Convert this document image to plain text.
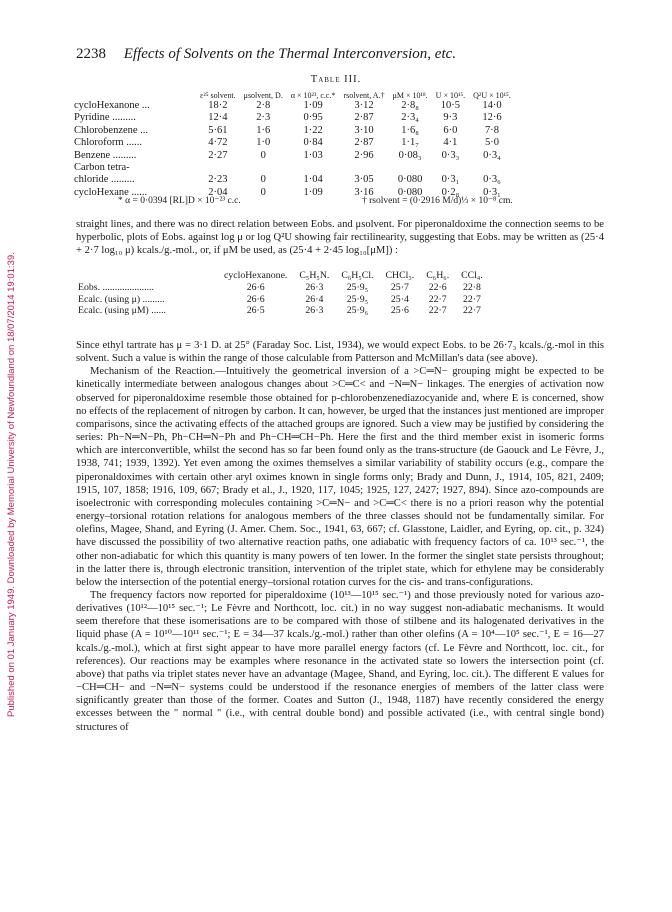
Published on 01 January 1949. Downloaded by Memorial University of Newfoundland on 18/07/2014 19:01:39.
2238 Effects of Solvents on the Thermal Interconversion, etc.
Table III.
	ε²⁵ solvent.	μsolvent, D.	α × 10²³, c.c.*	rsolvent, A.†	μM × 10¹⁸.	U × 10¹⁵.	Q²U × 10¹⁵.
cycloHexanone ...	18·2	2·8	1·09	3·12	2·8₈	10·5	14·0
Pyridine .........	12·4	2·3	0·95	2·87	2·3₄	9·3	12·6
Chlorobenzene ...	5·61	1·6	1·22	3·10	1·6₈	6·0	7·8
Chloroform ......	4·72	1·0	0·84	2·87	1·1₇	4·1	5·0
Benzene .........	2·27	0	1·03	2·96	0·08₃	0·3₃	0·3₄
Carbon tetra-							
chloride .........	2·23	0	1·04	3·05	0·080	0·3₁	0·3₆
cycloHexane ......	2·04	0	1·09	3·16	0·080	0·2₈	0·3₁
* α = 0·0394 [RL]D × 10⁻²³ c.c.	† rsolvent = (0·2916 M/d)⅓ × 10⁻⁸ cm.
straight lines, and there was no direct relation between Eobs. and μsolvent. For piperonaldoxime the connection seems to be hyperbolic, plots of Eobs. against log μ or log Q²U showing fair rectilinearity, suggesting that Eobs. may be written as (25·4 + 2·7 log₁₀ μ) kcals./g.-mol., or, if μM be used, as (25·4 + 2·45 log₁₀[μM]) :
	cycloHexanone.	C₅H₅N.	C₆H₅Cl.	CHCl₃.	C₆H₆.	CCl₄.
Eobs. .....................	26·6	26·3	25·9₅	25·7	22·6	22·8
Ecalc. (using μ) .........	26·6	26·4	25·9₅	25·4	22·7	22·7
Ecalc. (using μM) ......	26·5	26·3	25·9₆	25·6	22·7	22·7

Since ethyl tartrate has μ = 3·1 D. at 25° (Faraday Soc. List, 1934), we would expect Eobs. to be 26·7₃ kcals./g.-mol in this solvent. Such a value is within the range of those calculable from Patterson and McMillan's data (see above).

Mechanism of the Reaction.—Intuitively the geometrical inversion of a >C═N− grouping might be expected to be kinetically intermediate between analogous changes about >C═C< and −N═N− linkages. The energies of activation now observed for piperonaldoxime resemble those obtained for p-chlorobenzenediazocyanide and, where E is concerned, show no effects of the replacement of nitrogen by carbon. It can, however, be urged that the instances just mentioned are improper comparisons, since the activating effects of the attached groups are ignored. Such a view may be justified by considering the series: Ph−N═N−Ph, Ph−CH═N−Ph and Ph−CH═CH−Ph. Here the first and the third member exist in isomeric forms which are interconvertible, whilst the second has so far been found only as the trans-structure (de Gaouck and Le Fèvre, J., 1938, 741; 1939, 1392). Yet even among the oximes themselves a similar variability of stability occurs (e.g., compare the piperonaldoximes with certain other aryl oximes known in single forms only; Brady and Dunn, J., 1914, 105, 821, 2409; 1915, 107, 1858; 1916, 109, 667; Brady et al., J., 1920, 117, 1045; 1925, 127, 2427; 1927, 894). Since azo-compounds are isoelectronic with corresponding molecules containing >C═N− and >C═C< there is no a priori reason why the potential energy–torsional rotation relations for analogous members of the three classes should not be fundamentally similar. For olefins, Magee, Shand, and Eyring (J. Amer. Chem. Soc., 1941, 63, 667; cf. Glasstone, Laidler, and Eyring, op. cit., p. 324) have discussed the possibility of two alternative reaction paths, one adiabatic with frequency factors of ca. 10¹³ sec.⁻¹, the other non-adiabatic for which this quantity is many powers of ten lower. In the former the singlet state persists throughout; in the latter there is, through electronic transition, intervention of the triplet state, which for ethylene may be considerably below the intersection of the potential energy–torsional rotation curves for the cis- and trans-configurations.

The frequency factors now reported for piperaldoxime (10¹³—10¹⁵ sec.⁻¹) and those previously noted for various azo-derivatives (10¹²—10¹⁵ sec.⁻¹; Le Fèvre and Northcott, loc. cit.) in no way suggest non-adiabatic mechanisms. It would seem therefore that these isomerisations are to be compared with those of stilbene and its halogenated derivatives in the liquid phase (A = 10¹⁰—10¹¹ sec.⁻¹; E = 34—37 kcals./g.-mol.) rather than other olefins (A = 10⁴—10⁵ sec.⁻¹, E = 16—27 kcals./g.-mol.), which at first sight appear to have more parallel energy factors (cf. Le Fèvre and Northcott, loc. cit., for references). Our reactions may be examples where resonance in the activated state so lowers the intersection point (cf. above) that paths via triplet states never have an advantage (Magee, Shand, and Eyring, loc. cit.). The different E values for −CH═CH− and −N═N− systems could be understood if the resonance energies of members of the latter class were significantly greater than those of the former. Coates and Sutton (J., 1948, 1187) have recently considered the energy excesses between the " normal " (i.e., with central double bond) and possible activated (i.e., with central single bond) structures of
